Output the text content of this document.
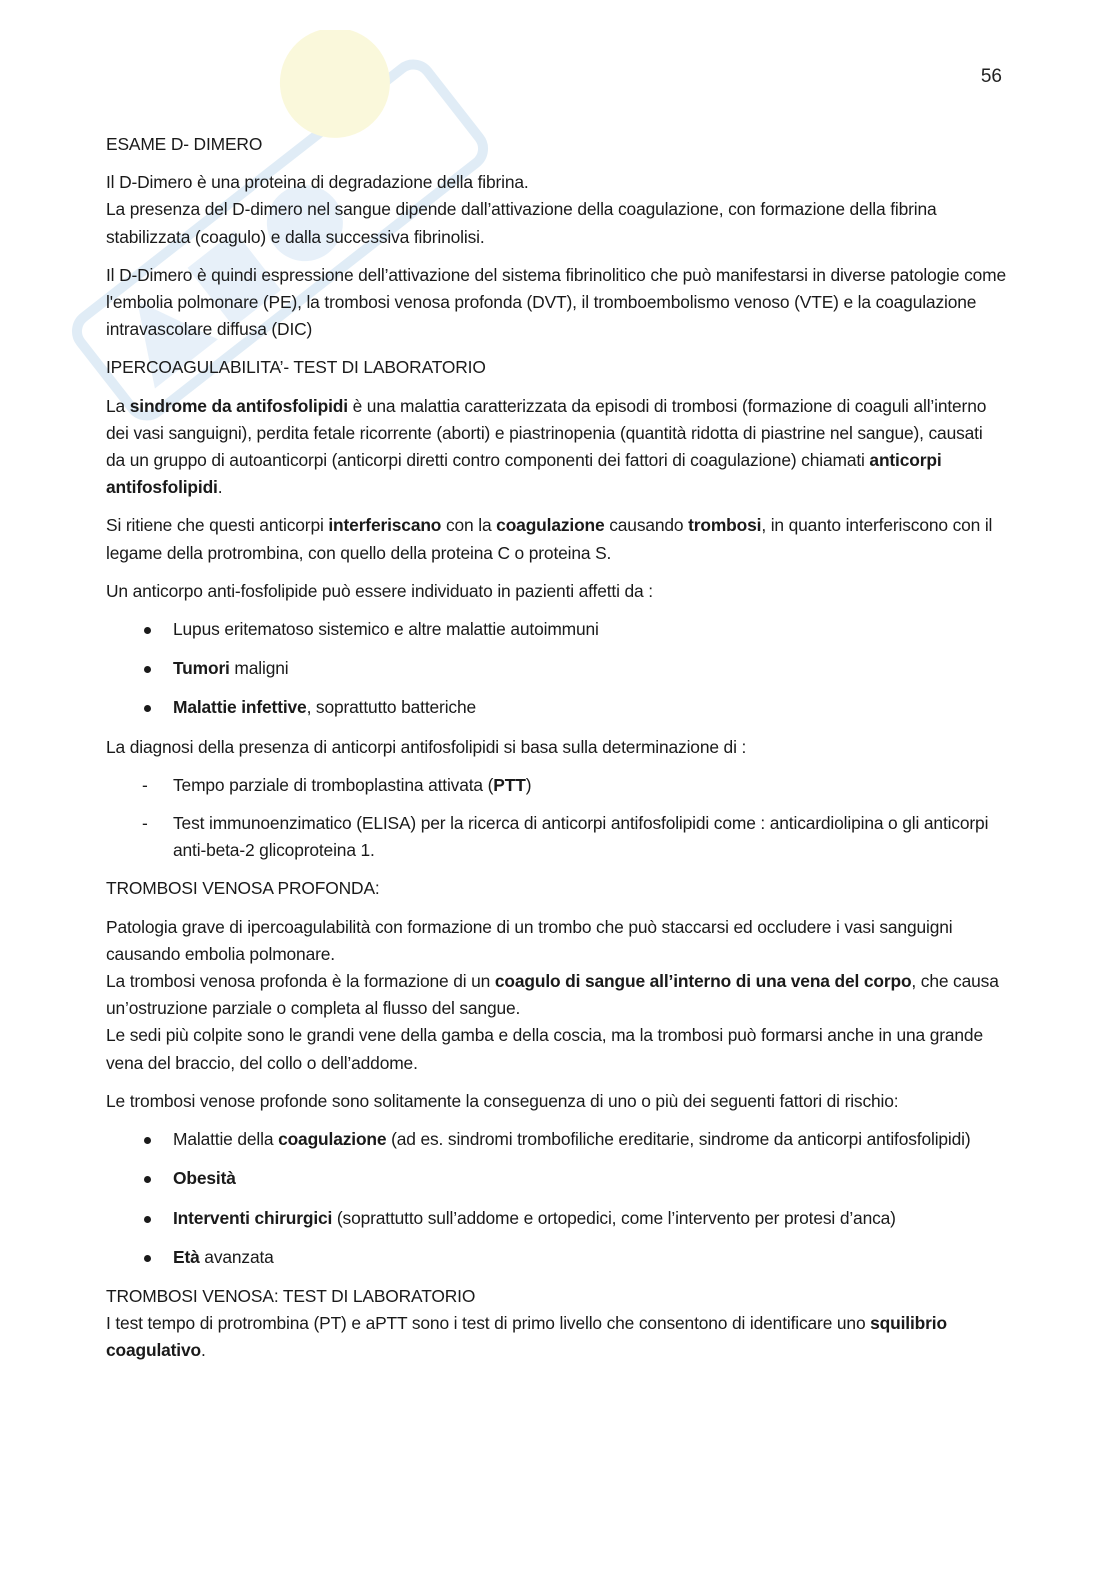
56

ESAME D- DIMERO

Il D-Dimero è una proteina di degradazione della fibrina.
La presenza del D-dimero nel sangue dipende dall’attivazione della coagulazione, con formazione della fibrina stabilizzata (coagulo) e dalla successiva fibrinolisi.

Il D-Dimero è quindi espressione dell’attivazione del sistema fibrinolitico che può manifestarsi in diverse patologie come l'embolia polmonare (PE), la trombosi venosa profonda (DVT), il tromboembolismo venoso (VTE) e la coagulazione intravascolare diffusa (DIC)

IPERCOAGULABILITA’- TEST DI LABORATORIO

La sindrome da antifosfolipidi è una malattia caratterizzata da episodi di trombosi (formazione di coaguli all’interno dei vasi sanguigni), perdita fetale ricorrente (aborti) e piastrinopenia (quantità ridotta di piastrine nel sangue), causati da un gruppo di autoanticorpi (anticorpi diretti contro componenti dei fattori di coagulazione) chiamati anticorpi antifosfolipidi.

Si ritiene che questi anticorpi interferiscano con la coagulazione causando trombosi, in quanto interferiscono con il legame della protrombina, con quello della proteina C o proteina S.

Un anticorpo anti-fosfolipide può essere individuato in pazienti affetti da :

Lupus eritematoso sistemico e altre malattie autoimmuni
Tumori maligni
Malattie infettive, soprattutto batteriche

La diagnosi della presenza di anticorpi antifosfolipidi si basa sulla determinazione di :

- Tempo parziale di tromboplastina attivata (PTT)
- Test immunoenzimatico (ELISA) per la ricerca di anticorpi antifosfolipidi come : anticardiolipina o gli anticorpi anti-beta-2 glicoproteina 1.

TROMBOSI VENOSA PROFONDA:

Patologia grave di ipercoagulabilità con formazione di un trombo che può staccarsi ed occludere i vasi sanguigni causando embolia polmonare.
La trombosi venosa profonda è la formazione di un coagulo di sangue all’interno di una vena del corpo, che causa un’ostruzione parziale o completa al flusso del sangue.
Le sedi più colpite sono le grandi vene della gamba e della coscia, ma la trombosi può formarsi anche in una grande vena del braccio, del collo o dell’addome.

Le trombosi venose profonde sono solitamente la conseguenza di uno o più dei seguenti fattori di rischio:

Malattie della coagulazione (ad es. sindromi trombofiliche ereditarie, sindrome da anticorpi antifosfolipidi)
Obesità
Interventi chirurgici (soprattutto sull’addome e ortopedici, come l’intervento per protesi d’anca)
Età avanzata

TROMBOSI VENOSA: TEST DI LABORATORIO

I test tempo di protrombina (PT) e aPTT sono i test di primo livello che consentono di identificare uno squilibrio coagulativo.
